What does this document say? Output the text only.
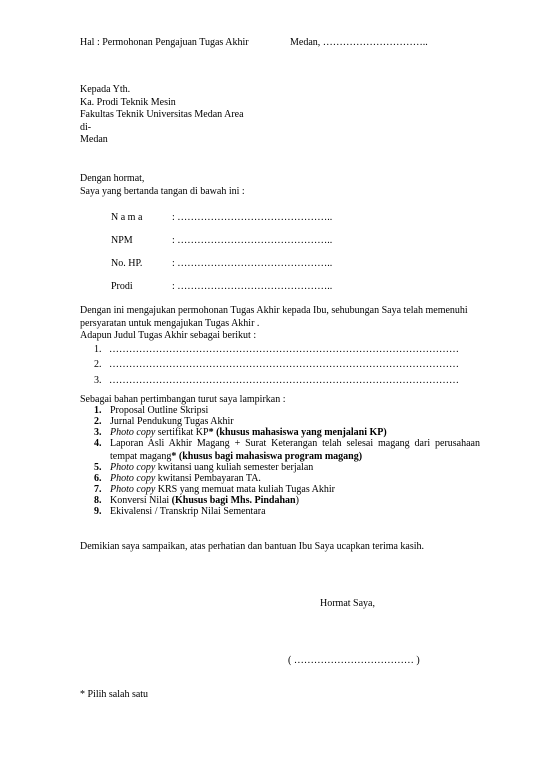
Hal : Permohonan Pengajuan Tugas Akhir	Medan, …………………………..
Kepada Yth.
Ka. Prodi Teknik Mesin
Fakultas Teknik Universitas Medan Area
di-
Medan
Dengan hormat,
Saya yang bertanda tangan di bawah ini :
N a m a	: ………………………………………..
NPM	: ………………………………………..
No. HP.	: ………………………………………..
Prodi	: ………………………………………..
Dengan ini mengajukan permohonan Tugas Akhir kepada Ibu, sehubungan Saya telah memenuhi
persyaratan untuk mengajukan Tugas Akhir .
Adapun Judul Tugas Akhir sebagai berikut :
1. ……………………………………………………………………………………………
2. ……………………………………………………………………………………………
3. ……………………………………………………………………………………………
Sebagai bahan pertimbangan turut saya lampirkan :
1. Proposal Outline Skripsi
2. Jurnal Pendukung Tugas Akhir
3. Photo copy sertifikat KP* (khusus mahasiswa yang menjalani KP)
4. Laporan Asli Akhir Magang + Surat Keterangan telah selesai magang dari perusahaan tempat magang* (khusus bagi mahasiswa program magang)
5. Photo copy kwitansi uang kuliah semester berjalan
6. Photo copy kwitansi Pembayaran TA.
7. Photo copy KRS yang memuat mata kuliah Tugas Akhir
8. Konversi Nilai (Khusus bagi Mhs. Pindahan)
9. Ekivalensi / Transkrip Nilai Sementara
Demikian saya sampaikan, atas perhatian dan bantuan Ibu Saya ucapkan terima kasih.
Hormat Saya,
( ……………………………… )
* Pilih salah satu
